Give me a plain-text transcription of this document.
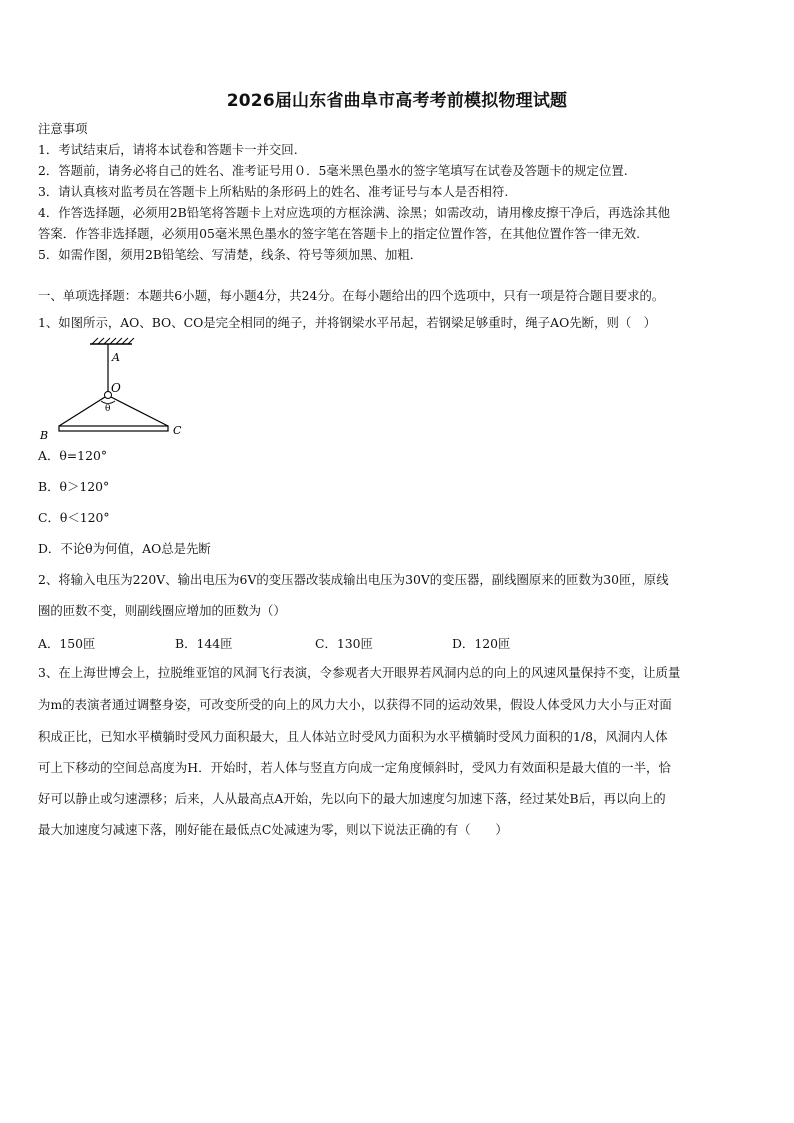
2026届山东省曲阜市高考考前模拟物理试题
注意事项
1．考试结束后，请将本试卷和答题卡一并交回.
2．答题前，请务必将自己的姓名、准考证号用０．5毫米黑色墨水的签字笔填写在试卷及答题卡的规定位置.
3．请认真核对监考员在答题卡上所粘贴的条形码上的姓名、准考证号与本人是否相符.
4．作答选择题，必须用2B铅笔将答题卡上对应选项的方框涂满、涂黑；如需改动，请用橡皮擦干净后，再选涂其他
答案．作答非选择题，必须用05毫米黑色墨水的签字笔在答题卡上的指定位置作答，在其他位置作答一律无效.
5．如需作图，须用2B铅笔绘、写清楚，线条、符号等须加黑、加粗．
一、单项选择题：本题共6小题，每小题4分，共24分。在每小题给出的四个选项中，只有一项是符合题目要求的。
1、如图所示，AO、BO、CO是完全相同的绳子，并将钢梁水平吊起，若钢梁足够重时，绳子AO先断，则（　）
A
O
θ
B	C
A．θ=120°
B．θ＞120°
C．θ＜120°
D．不论θ为何值，AO总是先断
2、将输入电压为220V、输出电压为6V的变压器改装成输出电压为30V的变压器，副线圈原来的匝数为30匝，原线
圈的匝数不变，则副线圈应增加的匝数为（）
A．150匝	B．144匝	C．130匝	D．120匝
3、在上海世博会上，拉脱维亚馆的风洞飞行表演，令参观者大开眼界若风洞内总的向上的风速风量保持不变，让质量
为m的表演者通过调整身姿，可改变所受的向上的风力大小，以获得不同的运动效果，假设人体受风力大小与正对面
积成正比，已知水平横躺时受风力面积最大，且人体站立时受风力面积为水平横躺时受风力面积的1/8，风洞内人体
可上下移动的空间总高度为H．开始时，若人体与竖直方向成一定角度倾斜时，受风力有效面积是最大值的一半，恰
好可以静止或匀速漂移；后来，人从最高点A开始，先以向下的最大加速度匀加速下落，经过某处B后，再以向上的
最大加速度匀减速下落，刚好能在最低点C处减速为零，则以下说法正确的有（　　）
